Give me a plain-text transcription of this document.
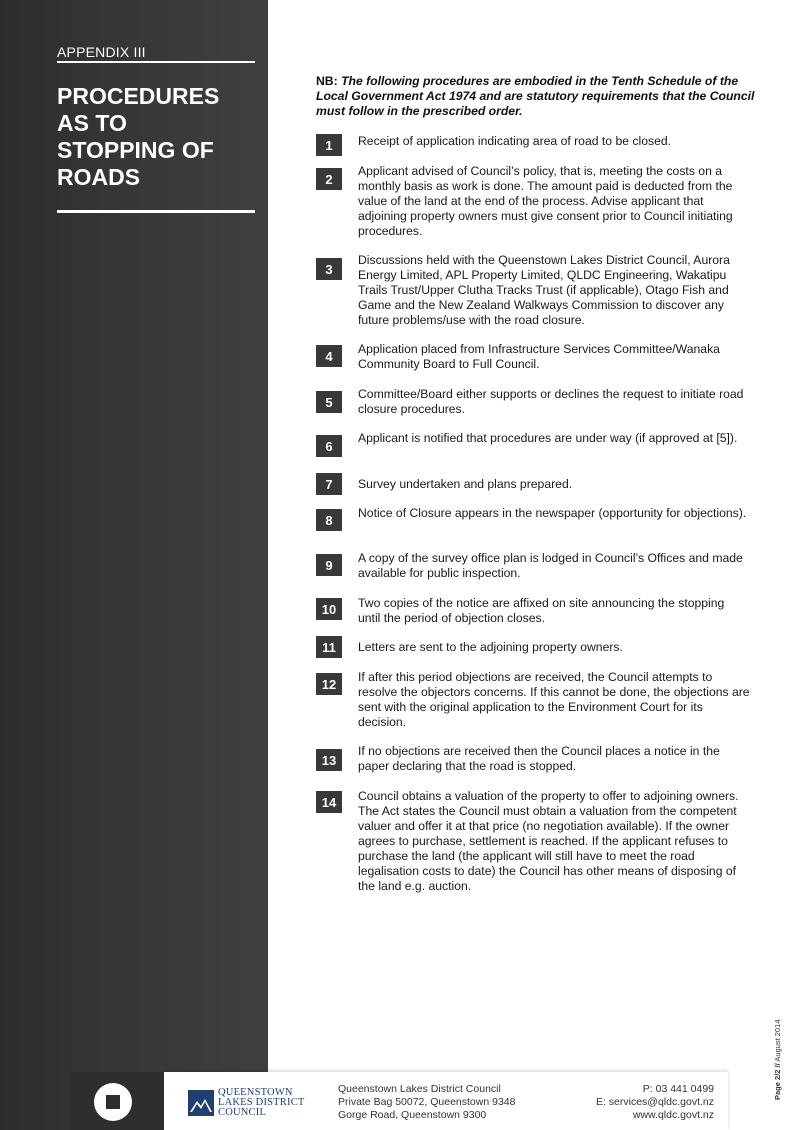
APPENDIX III
PROCEDURES
AS TO
STOPPING OF
ROADS
NB: The following procedures are embodied in the Tenth Schedule of the Local Government Act 1974 and are statutory requirements that the Council must follow in the prescribed order.
1	Receipt of application indicating area of road to be closed.
2
Applicant advised of Council’s policy, that is, meeting the costs on a monthly basis as work is done. The amount paid is deducted from the value of the land at the end of the process. Advise applicant that adjoining property owners must give consent prior to Council initiating procedures.
3
Discussions held with the Queenstown Lakes District Council, Aurora Energy Limited, APL Property Limited, QLDC Engineering, Wakatipu Trails Trust/Upper Clutha Tracks Trust (if applicable), Otago Fish and Game and the New Zealand Walkways Commission to discover any future problems/use with the road closure.
4	Application placed from Infrastructure Services Committee/Wanaka Community Board to Full Council.
5
Committee/Board either supports or declines the request to initiate road closure procedures.
6
Applicant is notified that procedures are under way (if approved at [5]).
7	Survey undertaken and plans prepared.
8	Notice of Closure appears in the newspaper (opportunity for objections).
9	A copy of the survey office plan is lodged in Council’s Offices and made available for public inspection.
10	Two copies of the notice are affixed on site announcing the stopping until the period of objection closes.
11	Letters are sent to the adjoining property owners.
12	If after this period objections are received, the Council attempts to resolve the objectors concerns. If this cannot be done, the objections are sent with the original application to the Environment Court for its decision.
13
If no objections are received then the Council places a notice in the paper declaring that the road is stopped.
14	Council obtains a valuation of the property to offer to adjoining owners. The Act states the Council must obtain a valuation from the competent valuer and offer it at that price (no negotiation available). If the owner agrees to purchase, settlement is reached. If the applicant refuses to purchase the land (the applicant will still have to meet the road legalisation costs to date) the Council has other means of disposing of the land e.g. auction.
Page 2/2 // August 2014
QUEENSTOWN
LAKES DISTRICT
COUNCIL
Queenstown Lakes District Council
Private Bag 50072, Queenstown 9348
Gorge Road, Queenstown 9300
P: 03 441 0499
E: services@qldc.govt.nz
www.qldc.govt.nz
